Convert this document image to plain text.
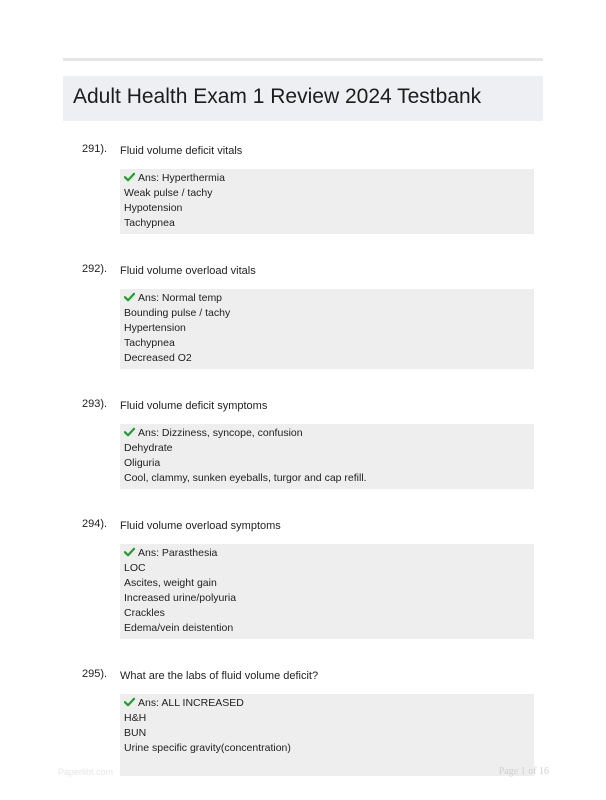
Adult Health Exam 1 Review 2024 Testbank
291). Fluid volume deficit vitals
Ans: Hyperthermia
Weak pulse / tachy
Hypotension
Tachypnea
292). Fluid volume overload vitals
Ans: Normal temp
Bounding pulse / tachy
Hypertension
Tachypnea
Decreased O2
293). Fluid volume deficit symptoms
Ans: Dizziness, syncope, confusion
Dehydrate
Oliguria
Cool, clammy, sunken eyeballs, turgor and cap refill.
294). Fluid volume overload symptoms
Ans: Parasthesia
LOC
Ascites, weight gain
Increased urine/polyuria
Crackles
Edema/vein deistention
295). What are the labs of fluid volume deficit?
Ans: ALL INCREASED
H&H
BUN
Urine specific gravity(concentration)
Paperlibt.com	Page 1 of 16
